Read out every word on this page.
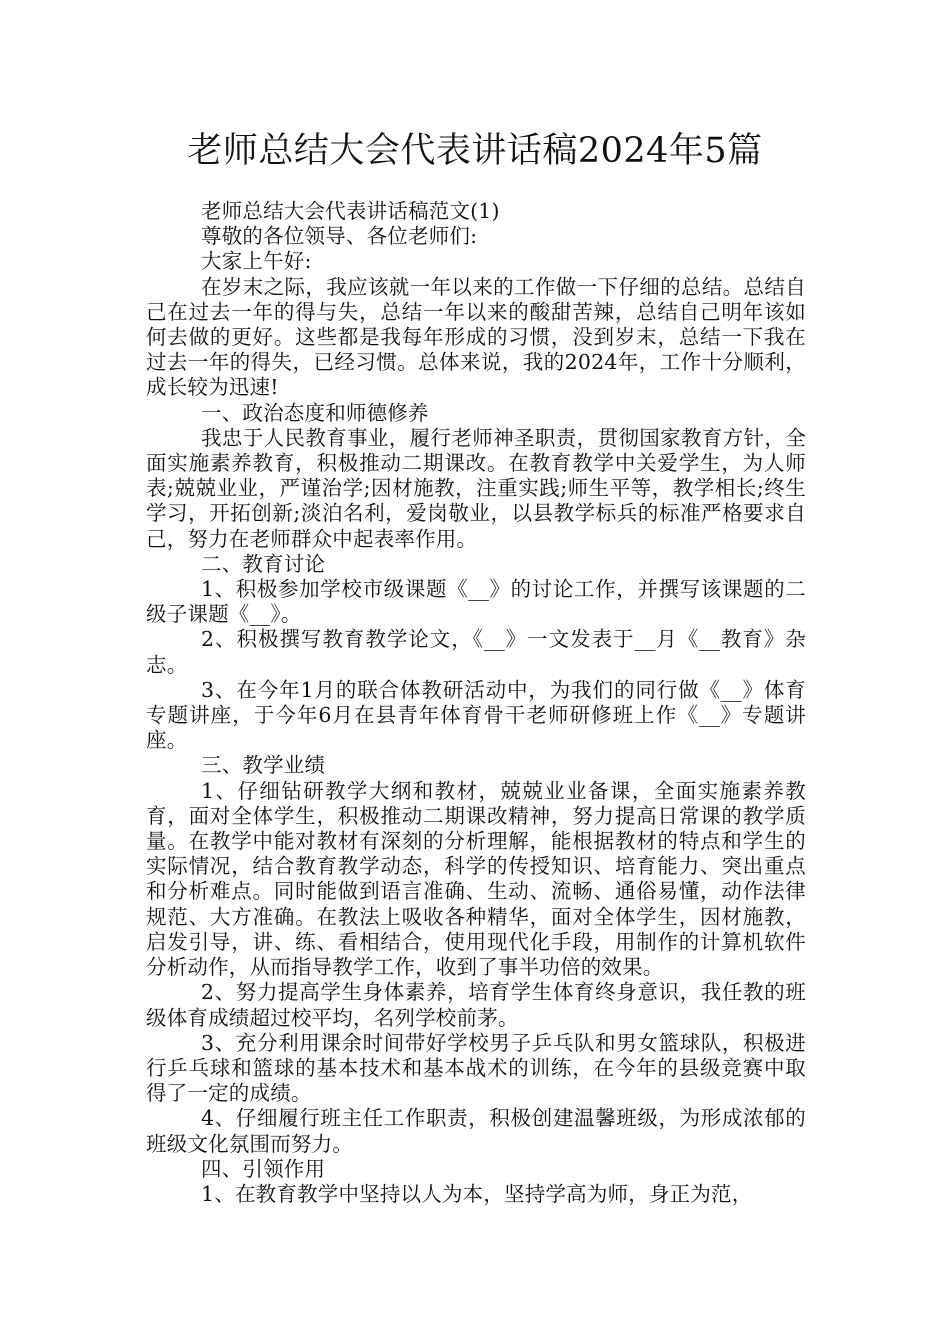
老师总结大会代表讲话稿2024年5篇

老师总结大会代表讲话稿范文(1)

尊敬的各位领导、各位老师们:

大家上午好:

在岁末之际，我应该就一年以来的工作做一下仔细的总结。总结自己在过去一年的得与失，总结一年以来的酸甜苦辣，总结自己明年该如何去做的更好。这些都是我每年形成的习惯，没到岁末，总结一下我在过去一年的得失，已经习惯。总体来说，我的2024年，工作十分顺利，成长较为迅速!

一、政治态度和师德修养

我忠于人民教育事业，履行老师神圣职责，贯彻国家教育方针，全面实施素养教育，积极推动二期课改。在教育教学中关爱学生，为人师表;兢兢业业，严谨治学;因材施教，注重实践;师生平等，教学相长;终生学习，开拓创新;淡泊名利，爱岗敬业，以县教学标兵的标准严格要求自己，努力在老师群众中起表率作用。

二、教育讨论

1、积极参加学校市级课题《__》的讨论工作，并撰写该课题的二级子课题《__》。

2、积极撰写教育教学论文，《__》一文发表于__月《__教育》杂志。

3、在今年1月的联合体教研活动中，为我们的同行做《__》体育专题讲座，于今年6月在县青年体育骨干老师研修班上作《__》专题讲座。

三、教学业绩

1、仔细钻研教学大纲和教材，兢兢业业备课，全面实施素养教育，面对全体学生，积极推动二期课改精神，努力提高日常课的教学质量。在教学中能对教材有深刻的分析理解，能根据教材的特点和学生的实际情况，结合教育教学动态，科学的传授知识、培育能力、突出重点和分析难点。同时能做到语言准确、生动、流畅、通俗易懂，动作法律规范、大方准确。在教法上吸收各种精华，面对全体学生，因材施教，启发引导，讲、练、看相结合，使用现代化手段，用制作的计算机软件分析动作，从而指导教学工作，收到了事半功倍的效果。

2、努力提高学生身体素养，培育学生体育终身意识，我任教的班级体育成绩超过校平均，名列学校前茅。

3、充分利用课余时间带好学校男子乒乓队和男女篮球队，积极进行乒乓球和篮球的基本技术和基本战术的训练，在今年的县级竞赛中取得了一定的成绩。

4、仔细履行班主任工作职责，积极创建温馨班级，为形成浓郁的班级文化氛围而努力。

四、引领作用

1、在教育教学中坚持以人为本，坚持学高为师，身正为范，
